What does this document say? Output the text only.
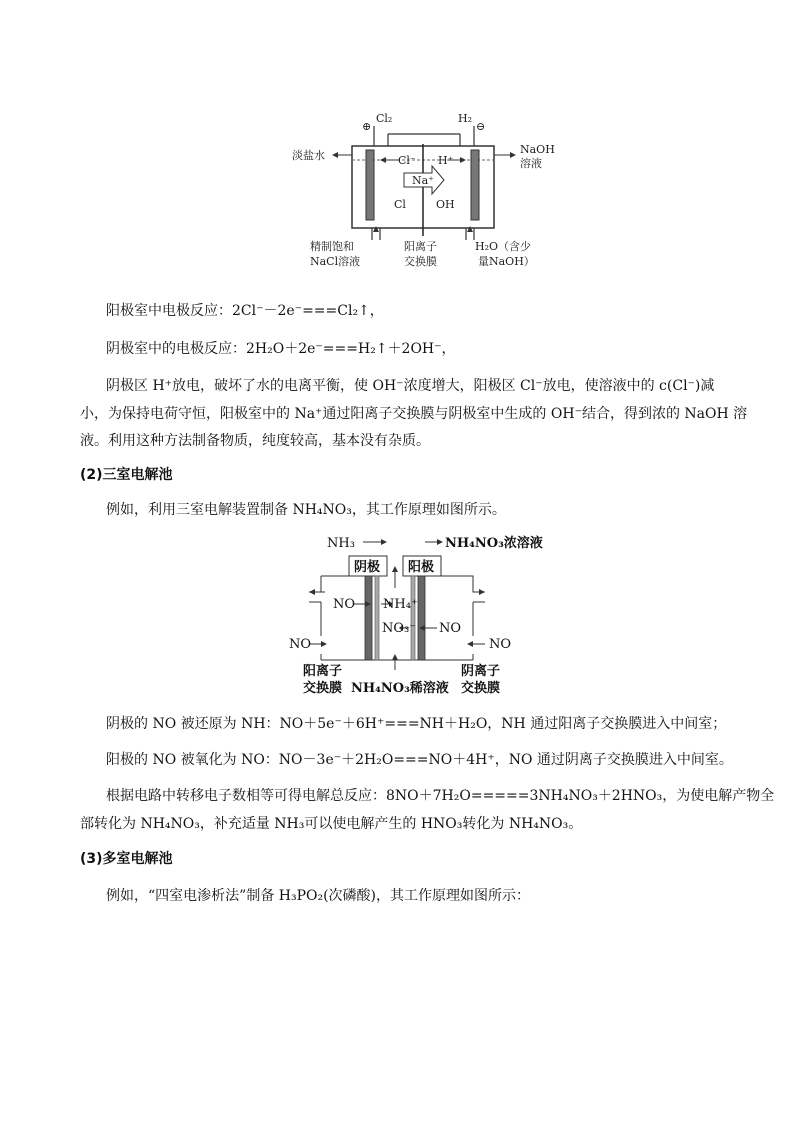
⊕
Cl₂	H₂
⊖
淡盐水	NaOH
溶液
Cl⁻ H⁺
Na⁺
Cl	OH
精制饱和
NaCl溶液
阳离子
交换膜
H₂O（含少
量NaOH）
阳极室中电极反应：2Cl⁻－2e⁻===Cl₂↑，
阴极室中的电极反应：2H₂O＋2e⁻===H₂↑＋2OH⁻，
阴极区 H⁺放电，破坏了水的电离平衡，使 OH⁻浓度增大，阳极区 Cl⁻放电，使溶液中的 c(Cl⁻)减
小，为保持电荷守恒，阳极室中的 Na⁺通过阳离子交换膜与阴极室中生成的 OH⁻结合，得到浓的 NaOH 溶
液。利用这种方法制备物质，纯度较高，基本没有杂质。
(2)三室电解池
例如，利用三室电解装置制备 NH₄NO₃，其工作原理如图所示。
NH₃	NH₄NO₃浓溶液
阴极 阳极
NO NH₄⁺
NO₃⁻ NO
NO	NO
阳离子
交换膜 NH₄NO₃稀溶液
阴离子
交换膜
阴极的 NO 被还原为 NH：NO＋5e⁻＋6H⁺===NH＋H₂O，NH 通过阳离子交换膜进入中间室；
阳极的 NO 被氧化为 NO：NO－3e⁻＋2H₂O===NO＋4H⁺，NO 通过阴离子交换膜进入中间室。
根据电路中转移电子数相等可得电解总反应：8NO＋7H₂O=====3NH₄NO₃＋2HNO₃，为使电解产物全
部转化为 NH₄NO₃，补充适量 NH₃可以使电解产生的 HNO₃转化为 NH₄NO₃。
(3)多室电解池
例如，“四室电渗析法”制备 H₃PO₂(次磷酸)，其工作原理如图所示：
